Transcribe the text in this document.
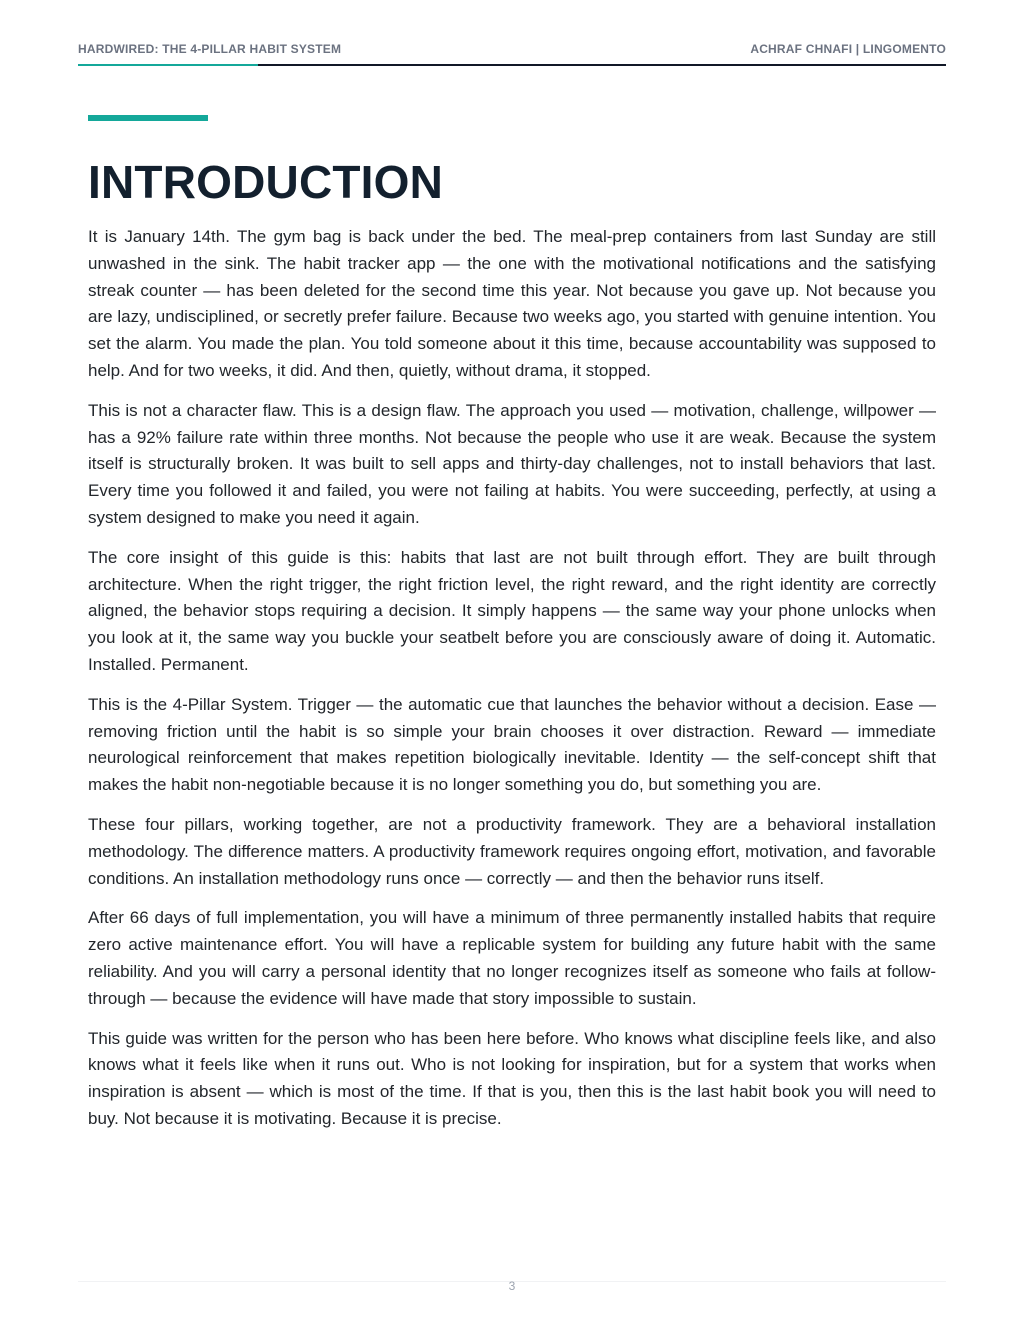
HARDWIRED: THE 4-PILLAR HABIT SYSTEM	ACHRAF CHNAFI | LINGOMENTO
INTRODUCTION

It is January 14th. The gym bag is back under the bed. The meal-prep containers from last Sunday are still unwashed in the sink. The habit tracker app — the one with the motivational notifications and the satisfying streak counter — has been deleted for the second time this year. Not because you gave up. Not because you are lazy, undisciplined, or secretly prefer failure. Because two weeks ago, you started with genuine intention. You set the alarm. You made the plan. You told someone about it this time, because accountability was supposed to help. And for two weeks, it did. And then, quietly, without drama, it stopped.

This is not a character flaw. This is a design flaw. The approach you used — motivation, challenge, willpower — has a 92% failure rate within three months. Not because the people who use it are weak. Because the system itself is structurally broken. It was built to sell apps and thirty-day challenges, not to install behaviors that last. Every time you followed it and failed, you were not failing at habits. You were succeeding, perfectly, at using a system designed to make you need it again.

The core insight of this guide is this: habits that last are not built through effort. They are built through architecture. When the right trigger, the right friction level, the right reward, and the right identity are correctly aligned, the behavior stops requiring a decision. It simply happens — the same way your phone unlocks when you look at it, the same way you buckle your seatbelt before you are consciously aware of doing it. Automatic. Installed. Permanent.

This is the 4-Pillar System. Trigger — the automatic cue that launches the behavior without a decision. Ease — removing friction until the habit is so simple your brain chooses it over distraction. Reward — immediate neurological reinforcement that makes repetition biologically inevitable. Identity — the self-concept shift that makes the habit non-negotiable because it is no longer something you do, but something you are.

These four pillars, working together, are not a productivity framework. They are a behavioral installation methodology. The difference matters. A productivity framework requires ongoing effort, motivation, and favorable conditions. An installation methodology runs once — correctly — and then the behavior runs itself.

After 66 days of full implementation, you will have a minimum of three permanently installed habits that require zero active maintenance effort. You will have a replicable system for building any future habit with the same reliability. And you will carry a personal identity that no longer recognizes itself as someone who fails at follow-through — because the evidence will have made that story impossible to sustain.

This guide was written for the person who has been here before. Who knows what discipline feels like, and also knows what it feels like when it runs out. Who is not looking for inspiration, but for a system that works when inspiration is absent — which is most of the time. If that is you, then this is the last habit book you will need to buy. Not because it is motivating. Because it is precise.

3
